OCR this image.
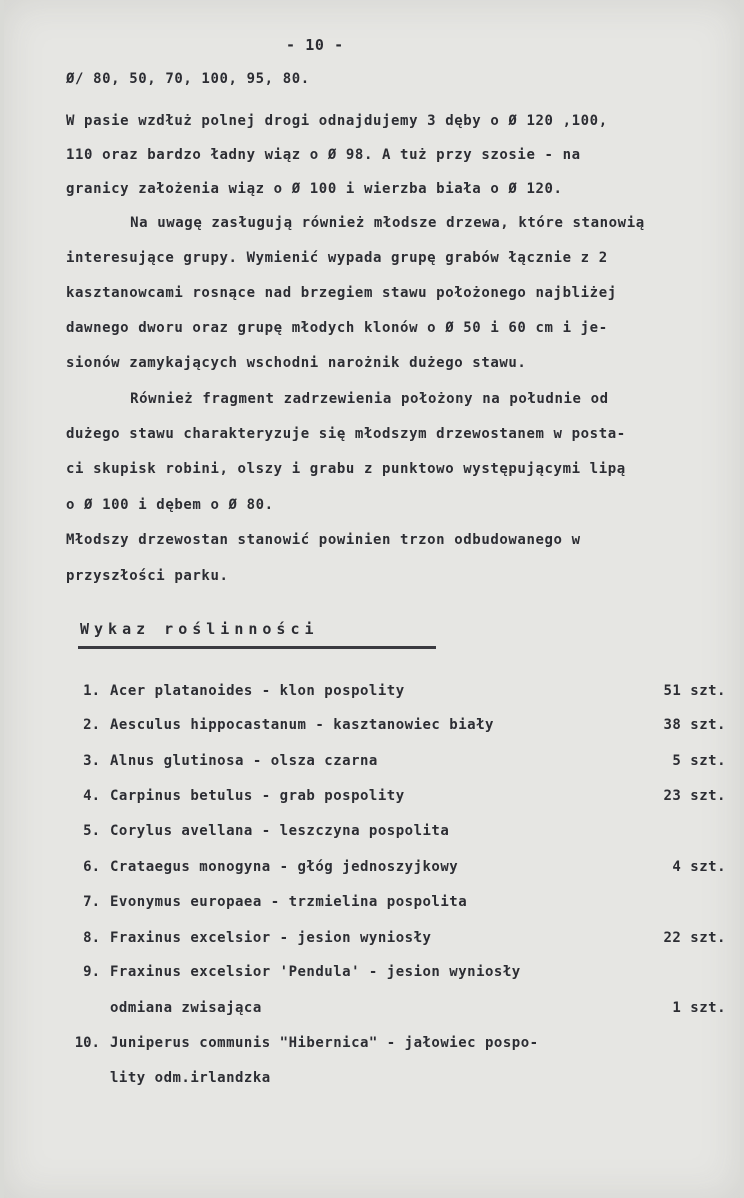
- 10 -
Ø/ 80, 50, 70, 100, 95, 80.
W pasie wzdłuż polnej drogi odnajdujemy 3 dęby o Ø 120 ,100,
110 oraz bardzo ładny wiąz o Ø 98. A tuż przy szosie - na
granicy założenia wiąz o Ø 100 i wierzba biała o Ø 120.
Na uwagę zasługują również młodsze drzewa, które stanowią
interesujące grupy. Wymienić wypada grupę grabów łącznie z 2
kasztanowcami rosnące nad brzegiem stawu położonego najbliżej
dawnego dworu oraz grupę młodych klonów o Ø 50 i 60 cm i je-
sionów zamykających wschodni narożnik dużego stawu.
Również fragment zadrzewienia położony na południe od
dużego stawu charakteryzuje się młodszym drzewostanem w posta-
ci skupisk robini, olszy i grabu z punktowo występującymi lipą
o Ø 100 i dębem o Ø 80.
Młodszy drzewostan stanowić powinien trzon odbudowanego w
przyszłości parku.
Wykaz roślinności
1. Acer platanoides - klon pospolity	51 szt.
2. Aesculus hippocastanum - kasztanowiec biały	38 szt.
3. Alnus glutinosa - olsza czarna	5 szt.
4. Carpinus betulus - grab pospolity	23 szt.
5. Corylus avellana - leszczyna pospolita
6. Crataegus monogyna - głóg jednoszyjkowy	4 szt.
7. Evonymus europaea - trzmielina pospolita
8. Fraxinus excelsior - jesion wyniosły	22 szt.
9. Fraxinus excelsior 'Pendula' - jesion wyniosły
odmiana zwisająca	1 szt.
10. Juniperus communis "Hibernica" - jałowiec pospo-
lity odm.irlandzka
